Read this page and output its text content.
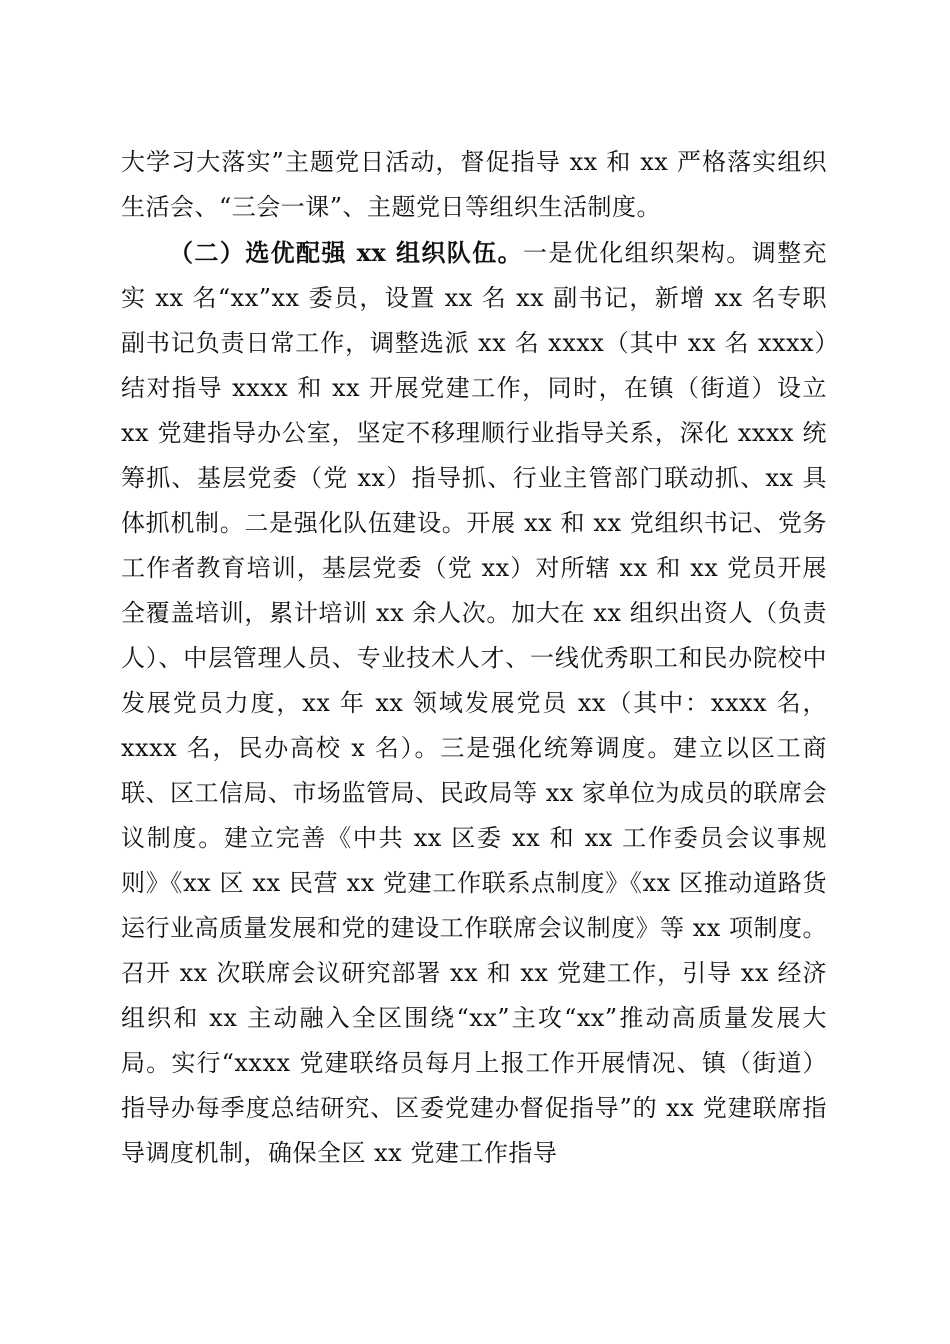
大学习大落实”主题党日活动，督促指导 xx 和 xx 严格落实组织生活会、“三会一课”、主题党日等组织生活制度。

（二）选优配强 xx 组织队伍。一是优化组织架构。调整充实 xx 名“xx”xx 委员，设置 xx 名 xx 副书记，新增 xx 名专职副书记负责日常工作，调整选派 xx 名 xxxx（其中 xx 名 xxxx）结对指导 xxxx 和 xx 开展党建工作，同时，在镇（街道）设立 xx 党建指导办公室，坚定不移理顺行业指导关系，深化 xxxx 统筹抓、基层党委（党 xx）指导抓、行业主管部门联动抓、xx 具体抓机制。二是强化队伍建设。开展 xx 和 xx 党组织书记、党务工作者教育培训，基层党委（党 xx）对所辖 xx 和 xx 党员开展全覆盖培训，累计培训 xx 余人次。加大在 xx 组织出资人（负责人）、中层管理人员、专业技术人才、一线优秀职工和民办院校中发展党员力度，xx 年 xx 领域发展党员 xx（其中：xxxx 名，xxxx 名，民办高校 x 名）。三是强化统筹调度。建立以区工商联、区工信局、市场监管局、民政局等 xx 家单位为成员的联席会议制度。建立完善《中共 xx 区委 xx 和 xx 工作委员会议事规则》《xx 区 xx 民营 xx 党建工作联系点制度》《xx 区推动道路货运行业高质量发展和党的建设工作联席会议制度》等 xx 项制度。召开 xx 次联席会议研究部署 xx 和 xx 党建工作，引导 xx 经济组织和 xx 主动融入全区围绕“xx”主攻“xx”推动高质量发展大局。实行“xxxx 党建联络员每月上报工作开展情况、镇（街道）指导办每季度总结研究、区委党建办督促指导”的 xx 党建联席指导调度机制，确保全区 xx 党建工作指导
